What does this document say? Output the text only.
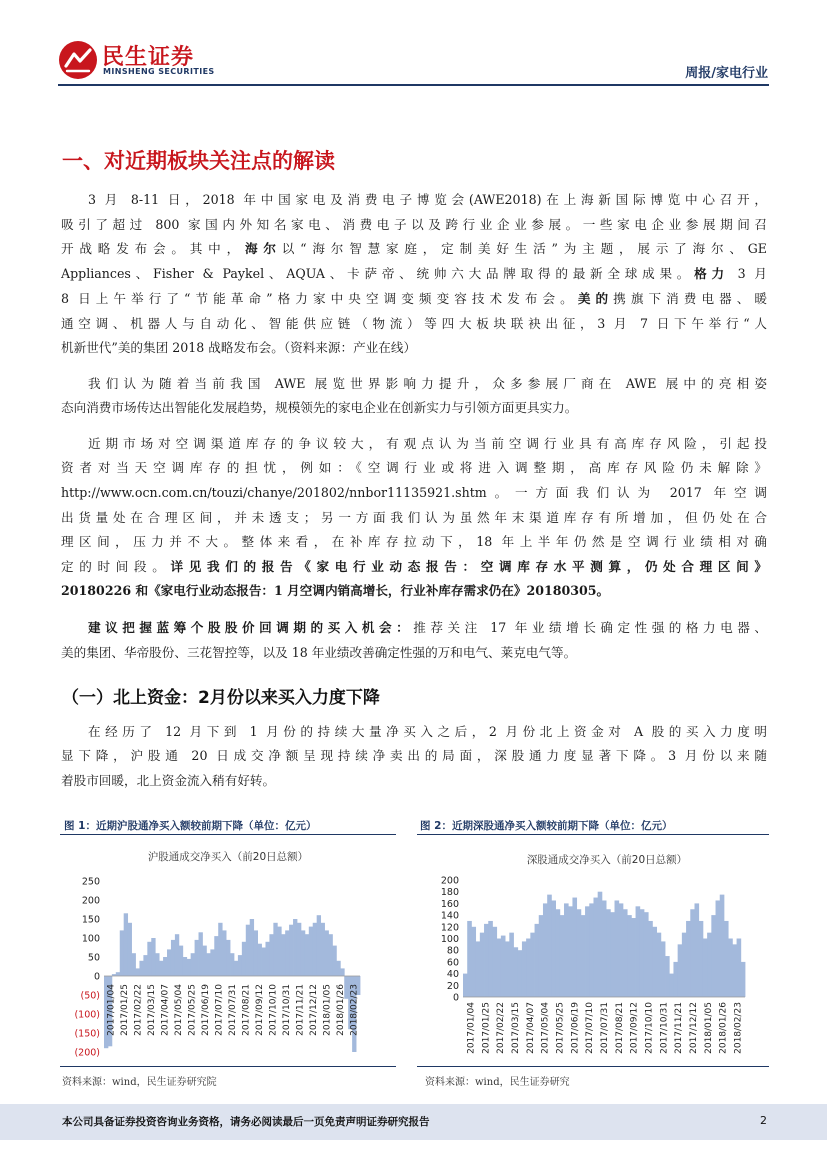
民生证券
MINSHENG SECURITIES	周报/家电行业
一、对近期板块关注点的解读
3 月 8-11 日，2018 年中国家电及消费电子博览会(AWE2018)在上海新国际博览中心召开，
吸引了超过 800 家国内外知名家电、消费电子以及跨行业企业参展。一些家电企业参展期间召
开战略发布会。其中，海尔以“海尔智慧家庭，定制美好生活”为主题，展示了海尔、GE
Appliances、Fisher & Paykel、AQUA、卡萨帝、统帅六大品牌取得的最新全球成果。格力 3 月
8 日上午举行了“节能革命”格力家中央空调变频变容技术发布会。美的携旗下消费电器、暖
通空调、机器人与自动化、智能供应链（物流）等四大板块联袂出征，3 月 7 日下午举行“人
机新世代”美的集团 2018 战略发布会。（资料来源：产业在线）
我们认为随着当前我国 AWE 展览世界影响力提升，众多参展厂商在 AWE 展中的亮相姿
态向消费市场传达出智能化发展趋势，规模领先的家电企业在创新实力与引领方面更具实力。
近期市场对空调渠道库存的争议较大，有观点认为当前空调行业具有高库存风险，引起投
资者对当天空调库存的担忧，例如：《空调行业或将进入调整期，高库存风险仍未解除》
http://www.ocn.com.cn/touzi/chanye/201802/nnbor11135921.shtm。一方面我们认为 2017 年空调
出货量处在合理区间，并未透支；另一方面我们认为虽然年末渠道库存有所增加，但仍处在合
理区间，压力并不大。整体来看，在补库存拉动下，18 年上半年仍然是空调行业绩相对确
定的时间段。详见我们的报告《家电行业动态报告：空调库存水平测算，仍处合理区间》
20180226 和《家电行业动态报告：1 月空调内销高增长，行业补库存需求仍在》20180305。
建议把握蓝筹个股股价回调期的买入机会：推荐关注 17 年业绩增长确定性强的格力电器、
美的集团、华帝股份、三花智控等，以及 18 年业绩改善确定性强的万和电气、莱克电气等。
（一）北上资金：2月份以来买入力度下降
在经历了 12 月下到 1 月份的持续大量净买入之后，2 月份北上资金对 A 股的买入力度明
显下降，沪股通 20 日成交净额呈现持续净卖出的局面，深股通力度显著下降。3 月份以来随
着股市回暖，北上资金流入稍有好转。
图 1：近期沪股通净买入额较前期下降（单位：亿元）	图 2：近期深股通净买入额较前期下降（单位：亿元）
沪股通成交净买入（前20日总额）
250
200
150
100
50
0
(50)
(100)
(150)
(200)
2017/01/04 2017/01/25 2017/02/22 2017/03/15 2017/04/07 2017/05/04 2017/05/25 2017/06/19 2017/07/10 2017/07/31 2017/08/21 2017/09/12 2017/10/10 2017/10/31 2017/11/21 2017/12/12 2018/01/05 2018/01/26 2018/02/23
深股通成交净买入（前20日总额）
200
180
160
140
120
100
80
60
40
20
0
2017/01/04 2017/01/25 2017/02/22 2017/03/15 2017/04/07 2017/05/04 2017/05/25 2017/06/19 2017/07/10 2017/07/31 2017/08/21 2017/09/12 2017/10/10 2017/10/31 2017/11/21 2017/12/12 2018/01/05 2018/01/26 2018/02/23
资料来源：wind，民生证券研究院	资料来源：wind，民生证券研究
本公司具备证券投资咨询业务资格，请务必阅读最后一页免责声明证券研究报告	2
